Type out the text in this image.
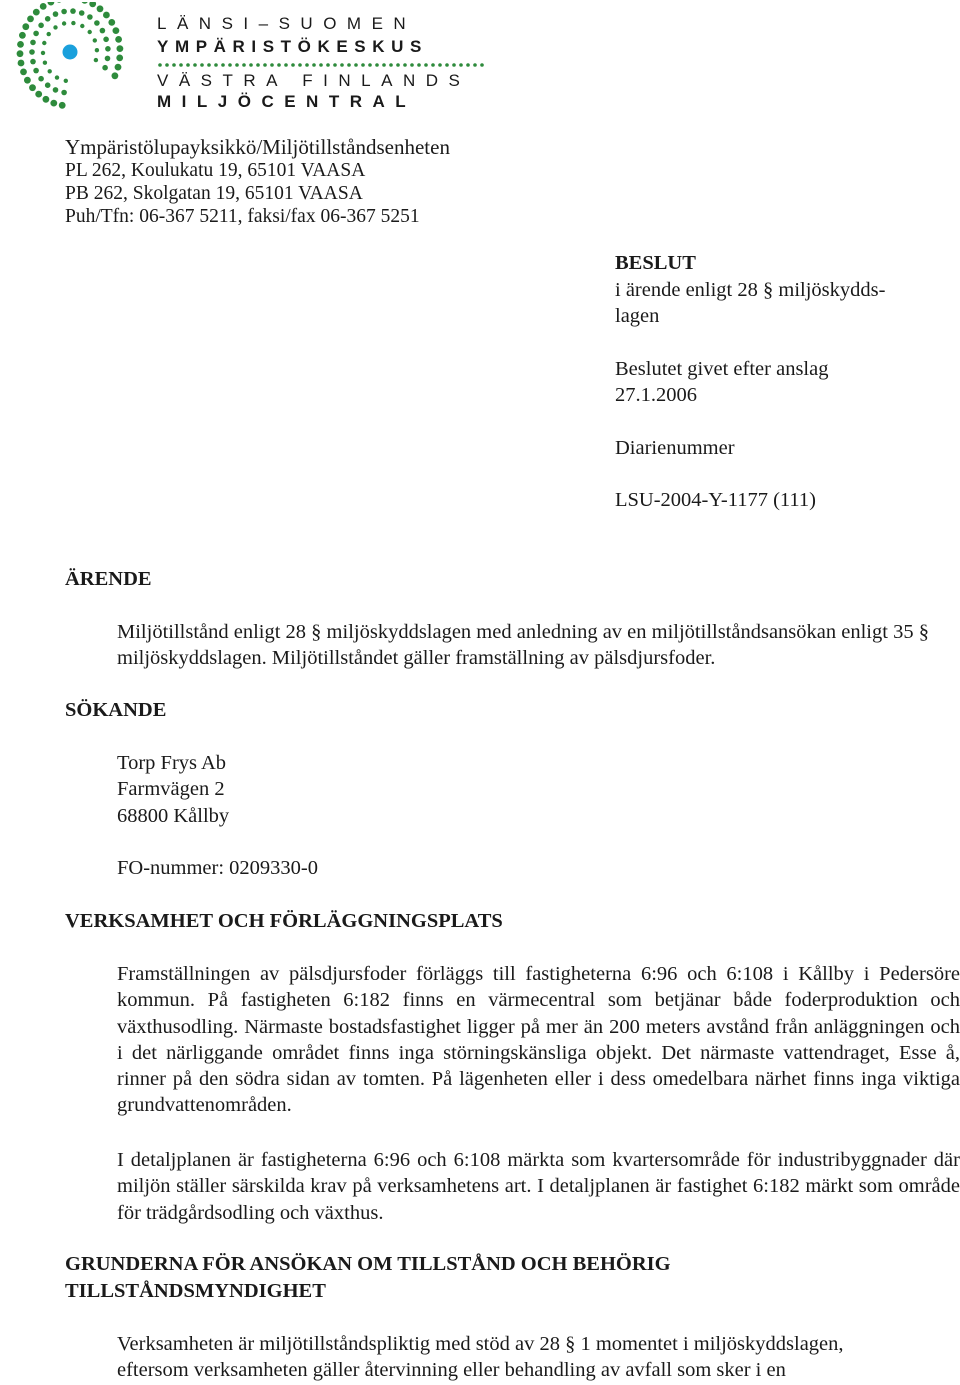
LÄNSI–SUOMEN
YMPÄRISTÖKESKUS
VÄSTRA FINLANDS
MILJÖCENTRAL
Ympäristölupayksikkö/Miljötillståndsenheten
PL 262, Koulukatu 19, 65101 VAASA
PB 262, Skolgatan 19, 65101 VAASA
Puh/Tfn: 06-367 5211, faksi/fax 06-367 5251
BESLUT
i ärende enligt 28 § miljöskydds-
lagen
Beslutet givet efter anslag
27.1.2006
Diarienummer
LSU-2004-Y-1177 (111)
ÄRENDE
Miljötillstånd enligt 28 § miljöskyddslagen med anledning av en miljötillståndsansökan enligt 35 § miljöskyddslagen. Miljötillståndet gäller framställning av pälsdjursfoder.
SÖKANDE
Torp Frys Ab
Farmvägen 2
68800 Kållby
FO-nummer: 0209330-0
VERKSAMHET OCH FÖRLÄGGNINGSPLATS
Framställningen av pälsdjursfoder förläggs till fastigheterna 6:96 och 6:108 i Kållby i Pedersöre kommun. På fastigheten 6:182 finns en värmecentral som betjänar både foderproduktion och växthusodling. Närmaste bostadsfastighet ligger på mer än 200 meters avstånd från anläggningen och i det närliggande området finns inga störningskänsliga objekt. Det närmaste vattendraget, Esse å, rinner på den södra sidan av tomten. På lägenheten eller i dess omedelbara närhet finns inga viktiga grundvattenområden.
I detaljplanen är fastigheterna 6:96 och 6:108 märkta som kvartersområde för industribyggnader där miljön ställer särskilda krav på verksamhetens art. I detaljplanen är fastighet 6:182 märkt som område för trädgårdsodling och växthus.
GRUNDERNA FÖR ANSÖKAN OM TILLSTÅND OCH BEHÖRIG
TILLSTÅNDSMYNDIGHET
Verksamheten är miljötillståndspliktig med stöd av 28 § 1 momentet i miljöskyddslagen,
eftersom verksamheten gäller återvinning eller behandling av avfall som sker i en
